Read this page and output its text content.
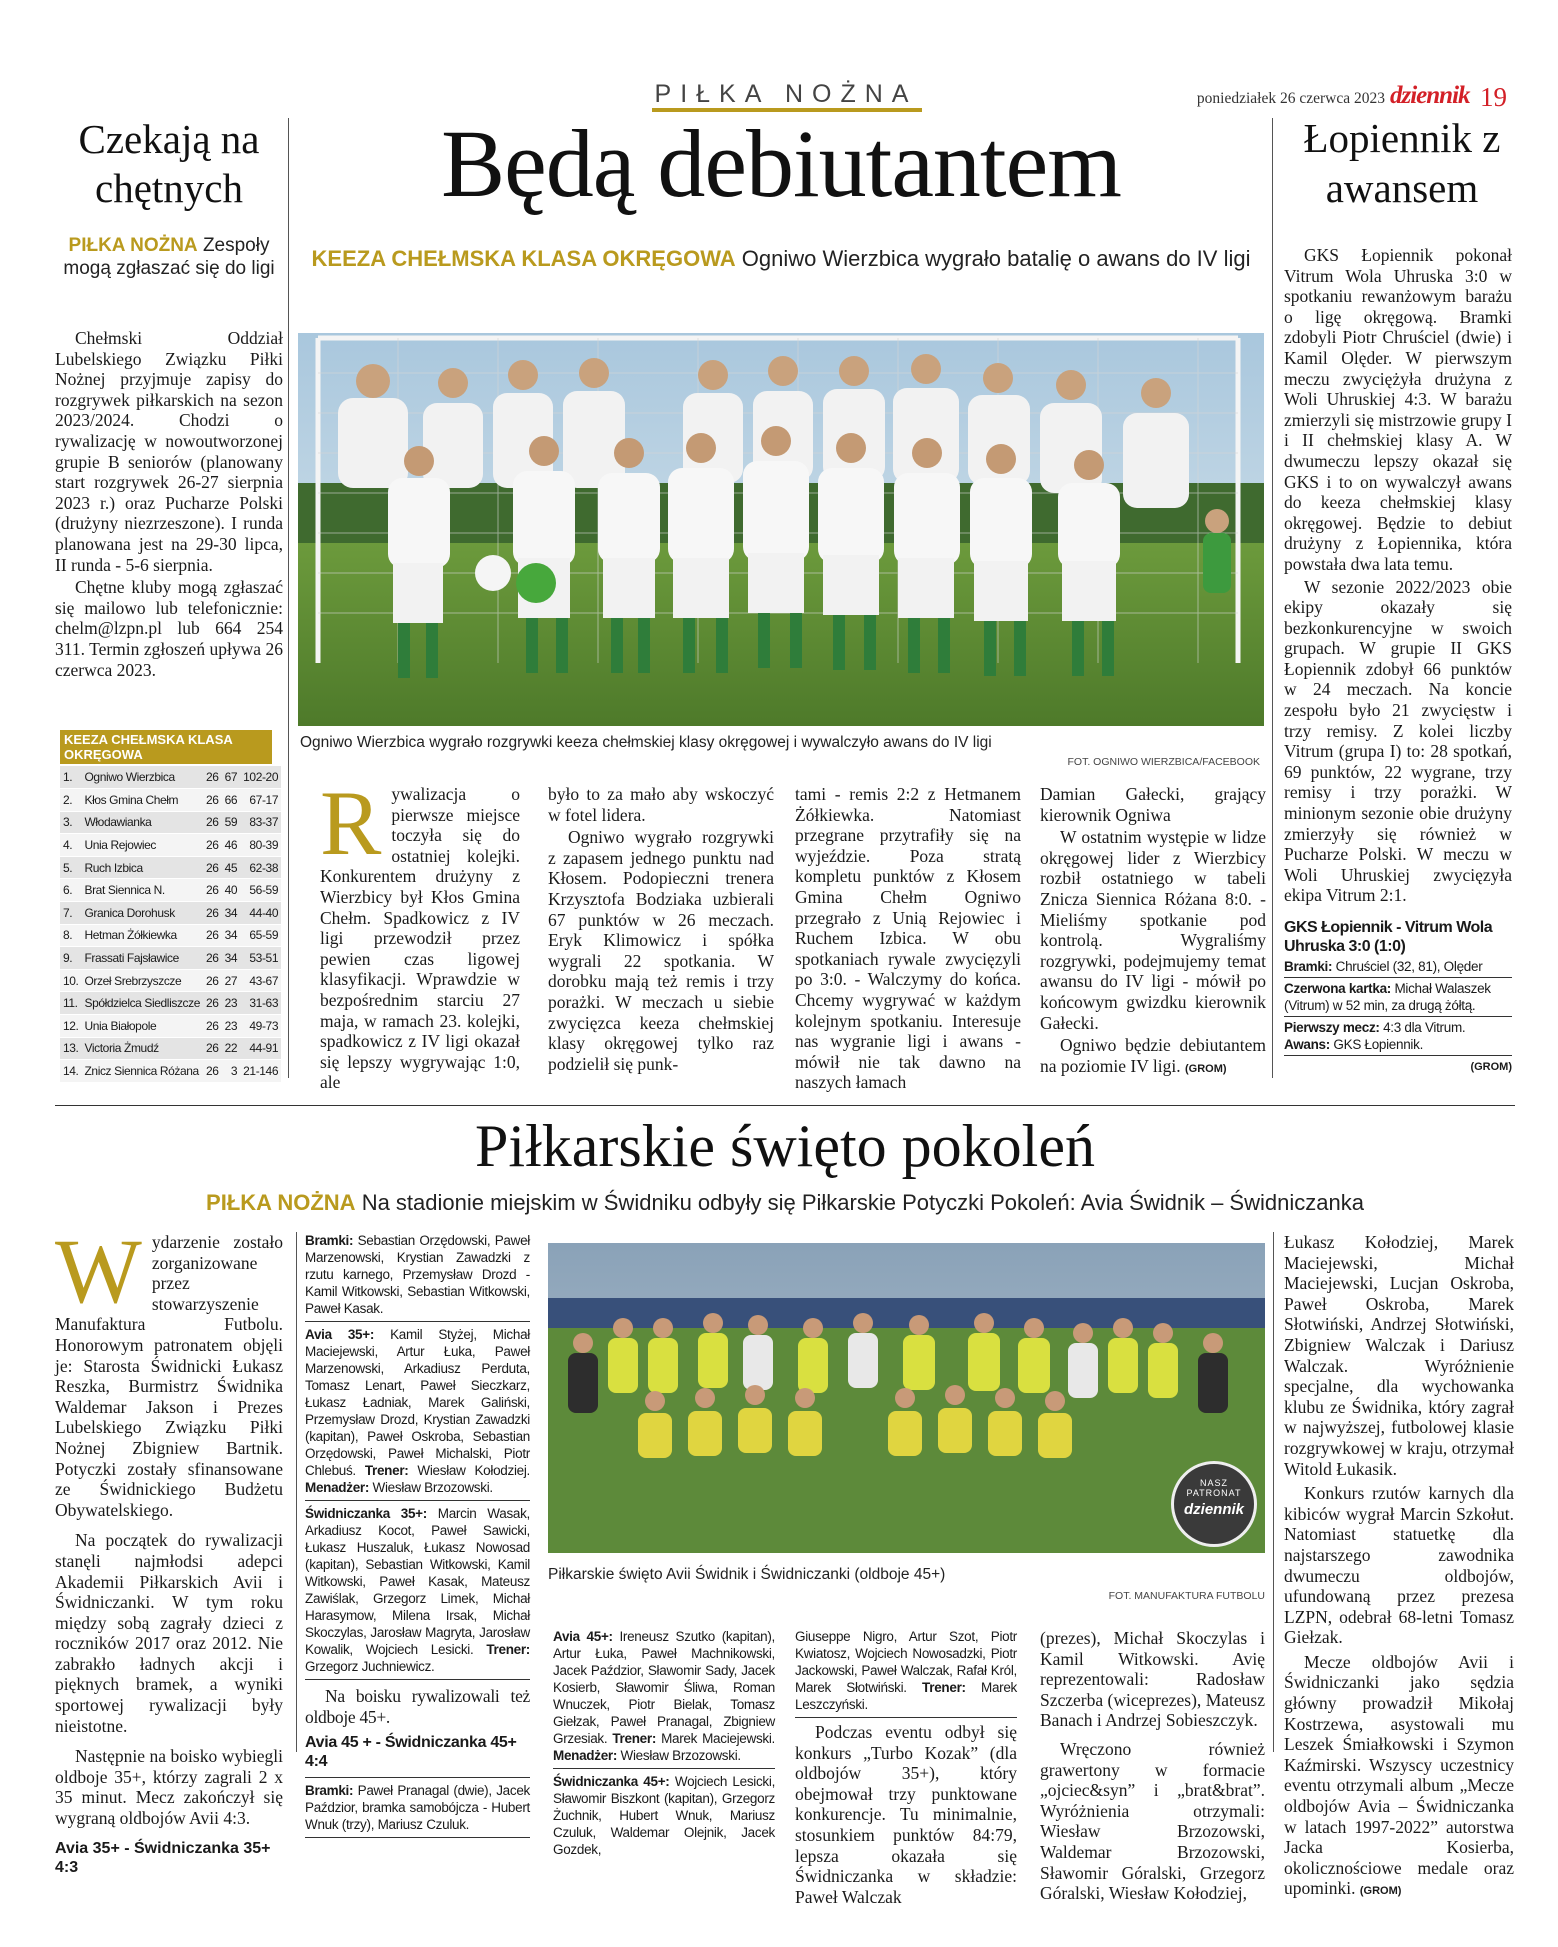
PIŁKA NOŻNA	poniedziałek 26 czerwca 2023 dziennik 19
Czekają na chętnych
PIŁKA NOŻNA Zespoły mogą zgłaszać się do ligi

Chełmski Oddział Lubelskiego Związku Piłki Nożnej przyjmuje zapisy do rozgrywek piłkarskich na sezon 2023/2024. Chodzi o rywalizację w nowoutworzonej grupie B seniorów (planowany start rozgrywek 26-27 sierpnia 2023 r.) oraz Pucharze Polski (drużyny niezrzeszone). I runda planowana jest na 29-30 lipca, II runda - 5-6 sierpnia.

Chętne kluby mogą zgłaszać się mailowo lub telefonicznie: chelm@lzpn.pl lub 664 254 311. Termin zgłoszeń upływa 26 czerwca 2023.

KEEZA CHEŁMSKA KLASA
OKRĘGOWA
1.	Ogniwo Wierzbica	26	67	102-20
2.	Kłos Gmina Chełm	26	66	67-17
3.	Włodawianka	26	59	83-37
4.	Unia Rejowiec	26	46	80-39
5.	Ruch Izbica	26	45	62-38
6.	Brat Siennica N.	26	40	56-59
7.	Granica Dorohusk	26	34	44-40
8.	Hetman Żółkiewka	26	34	65-59
9.	Frassati Fajsławice	26	34	53-51
10.	Orzeł Srebrzyszcze	26	27	43-67
11.	Spółdzielca Siedliszcze	26	23	31-63
12.	Unia Białopole	26	23	49-73
13.	Victoria Żmudź	26	22	44-91
14.	Znicz Siennica Różana	26	3	21-146
Będą debiutantem
KEEZA CHEŁMSKA KLASA OKRĘGOWA Ogniwo Wierzbica wygrało batalię o awans do IV ligi
Ogniwo Wierzbica wygrało rozgrywki keeza chełmskiej klasy okręgowej i wywalczyło awans do IV ligi
FOT. OGNIWO WIERZBICA/FACEBOOK

Rywalizacja o pierwsze miejsce toczyła się do ostatniej kolejki. Konkurentem drużyny z Wierzbicy był Kłos Gmina Chełm. Spadkowicz z IV ligi przewodził przez pewien czas ligowej klasyfikacji. Wprawdzie w bezpośrednim starciu 27 maja, w ramach 23. kolejki, spadkowicz z IV ligi okazał się lepszy wygrywając 1:0, ale

było to za mało aby wskoczyć w fotel lidera.

Ogniwo wygrało rozgrywki z zapasem jednego punktu nad Kłosem. Podopieczni trenera Krzysztofa Bodziaka uzbierali 67 punktów w 26 meczach. Eryk Klimowicz i spółka wygrali 22 spotkania. W dorobku mają też remis i trzy porażki. W meczach u siebie zwycięzca keeza chełmskiej klasy okręgowej tylko raz podzielił się punk-

tami - remis 2:2 z Hetmanem Żółkiewka. Natomiast przegrane przytrafiły się na wyjeździe. Poza stratą kompletu punktów z Kłosem Gmina Chełm Ogniwo przegrało z Unią Rejowiec i Ruchem Izbica. W obu spotkaniach rywale zwycięzyli po 3:0. - Walczymy do końca. Chcemy wygrywać w każdym kolejnym spotkaniu. Interesuje nas wygranie ligi i awans - mówił nie tak dawno na naszych łamach

Damian Gałecki, grający kierownik Ogniwa

W ostatnim występie w lidze okręgowej lider z Wierzbicy rozbił ostatniego w tabeli Znicza Siennica Różana 8:0. - Mieliśmy spotkanie pod kontrolą. Wygraliśmy rozgrywki, podejmujemy temat awansu do IV ligi - mówił po końcowym gwizdku kierownik Gałecki.

Ogniwo będzie debiutantem na poziomie IV ligi. (GROM)

Łopiennik z awansem

GKS Łopiennik pokonał Vitrum Wola Uhruska 3:0 w spotkaniu rewanżowym barażu o ligę okręgową. Bramki zdobyli Piotr Chruściel (dwie) i Kamil Olęder. W pierwszym meczu zwyciężyła drużyna z Woli Uhruskiej 4:3. W barażu zmierzyli się mistrzowie grupy I i II chełmskiej klasy A. W dwumeczu lepszy okazał się GKS i to on wywalczył awans do keeza chełmskiej klasy okręgowej. Będzie to debiut drużyny z Łopiennika, która powstała dwa lata temu.

W sezonie 2022/2023 obie ekipy okazały się bezkonkurencyjne w swoich grupach. W grupie II GKS Łopiennik zdobył 66 punktów w 24 meczach. Na koncie zespołu było 21 zwycięstw i trzy remisy. Z kolei liczby Vitrum (grupa I) to: 28 spotkań, 69 punktów, 22 wygrane, trzy remisy i trzy porażki. W minionym sezonie obie drużyny zmierzyły się również w Pucharze Polski. W meczu w Woli Uhruskiej zwycięzyła ekipa Vitrum 2:1.

GKS Łopiennik - Vitrum Wola Uhruska 3:0 (1:0)
Bramki: Chruściel (32, 81), Olęder
Czerwona kartka: Michał Walaszek (Vitrum) w 52 min, za drugą żółtą.
Pierwszy mecz: 4:3 dla Vitrum.
Awans: GKS Łopiennik.
(GROM)
Piłkarskie święto pokoleń
PIŁKA NOŻNA Na stadionie miejskim w Świdniku odbyły się Piłkarskie Potyczki Pokoleń: Avia Świdnik – Świdniczanka

Wydarzenie zostało zorganizowane przez stowarzyszenie Manufaktura Futbolu. Honorowym patronatem objęli je: Starosta Świdnicki Łukasz Reszka, Burmistrz Świdnika Waldemar Jakson i Prezes Lubelskiego Związku Piłki Nożnej Zbigniew Bartnik. Potyczki zostały sfinansowane ze Świdnickiego Budżetu Obywatelskiego.

Na początek do rywalizacji stanęli najmłodsi adepci Akademii Piłkarskich Avii i Świdniczanki. W tym roku między sobą zagrały dzieci z roczników 2017 oraz 2012. Nie zabrakło ładnych akcji i pięknych bramek, a wyniki sportowej rywalizacji były nieistotne.

Następnie na boisko wybiegli oldboje 35+, którzy zagrali 2 x 35 minut. Mecz zakończył się wygraną oldbojów Avii 4:3.

Avia 35+ - Świdniczanka 35+ 4:3

Bramki: Sebastian Orzędowski, Paweł Marzenowski, Krystian Zawadzki z rzutu karnego, Przemysław Drozd - Kamil Witkowski, Sebastian Witkowski, Paweł Kasak.
Avia 35+: Kamil Styżej, Michał Maciejewski, Artur Łuka, Paweł Marzenowski, Arkadiusz Perduta, Tomasz Lenart, Paweł Sieczkarz, Łukasz Ładniak, Marek Galiński, Przemysław Drozd, Krystian Zawadzki (kapitan), Paweł Oskroba, Sebastian Orzędowski, Paweł Michalski, Piotr Chlebuś. Trener: Wiesław Kołodziej. Menadżer: Wiesław Brzozowski.
Świdniczanka 35+: Marcin Wasak, Arkadiusz Kocot, Paweł Sawicki, Łukasz Huszaluk, Łukasz Nowosad (kapitan), Sebastian Witkowski, Kamil Witkowski, Paweł Kasak, Mateusz Zawiślak, Grzegorz Limek, Michał Harasymow, Milena Irsak, Michał Skoczylas, Jarosław Magryta, Jarosław Kowalik, Wojciech Lesicki. Trener: Grzegorz Juchniewicz.

Na boisku rywalizowali też oldboje 45+.

Avia 45 + - Świdniczanka 45+ 4:4

Bramki: Paweł Pranagal (dwie), Jacek Paździor, bramka samobójcza - Hubert Wnuk (trzy), Mariusz Czuluk.
NASZ
PATRONAT
dziennik
Piłkarskie święto Avii Świdnik i Świdniczanki (oldboje 45+)
FOT. MANUFAKTURA FUTBOLU
Avia 45+: Ireneusz Szutko (kapitan), Artur Łuka, Paweł Machnikowski, Jacek Paździor, Sławomir Sady, Jacek Kosierb, Sławomir Śliwa, Roman Wnuczek, Piotr Bielak, Tomasz Giełzak, Paweł Pranagal, Zbigniew Grzesiak. Trener: Marek Maciejewski. Menadżer: Wiesław Brzozowski.
Świdniczanka 45+: Wojciech Lesicki, Sławomir Biszkont (kapitan), Grzegorz Żuchnik, Hubert Wnuk, Mariusz Czuluk, Waldemar Olejnik, Jacek Gozdek,
Giuseppe Nigro, Artur Szot, Piotr Kwiatosz, Wojciech Nowosadzki, Piotr Jackowski, Paweł Walczak, Rafał Król, Marek Słotwiński. Trener: Marek Leszczyński.

Podczas eventu odbył się konkurs „Turbo Kozak” (dla oldbojów 35+), który obejmował trzy punktowane konkurencje. Tu minimalnie, stosunkiem punktów 84:79, lepsza okazała się Świdniczanka w składzie: Paweł Walczak

(prezes), Michał Skoczylas i Kamil Witkowski. Avię reprezentowali: Radosław Szczerba (wiceprezes), Mateusz Banach i Andrzej Sobieszczyk.

Wręczono również grawertony w formacie „ojciec&syn” i „brat&brat”. Wyróżnienia otrzymali: Wiesław Brzozowski, Waldemar Brzozowski, Sławomir Góralski, Grzegorz Góralski, Wiesław Kołodziej,

Łukasz Kołodziej, Marek Maciejewski, Michał Maciejewski, Lucjan Oskroba, Paweł Oskroba, Marek Słotwiński, Andrzej Słotwiński, Zbigniew Walczak i Dariusz Walczak. Wyróżnienie specjalne, dla wychowanka klubu ze Świdnika, który zagrał w najwyższej, futbolowej klasie rozgrywkowej w kraju, otrzymał Witold Łukasik.

Konkurs rzutów karnych dla kibiców wygrał Marcin Szkołut. Natomiast statuetkę dla najstarszego zawodnika dwumeczu oldbojów, ufundowaną przez prezesa LZPN, odebrał 68-letni Tomasz Giełzak.

Mecze oldbojów Avii i Świdniczanki jako sędzia główny prowadził Mikołaj Kostrzewa, asystowali mu Leszek Śmiałkowski i Szymon Kaźmirski. Wszyscy uczestnicy eventu otrzymali album „Mecze oldbojów Avia – Świdniczanka w latach 1997-2022” autorstwa Jacka Kosierba, okolicznościowe medale oraz upominki. (GROM)
